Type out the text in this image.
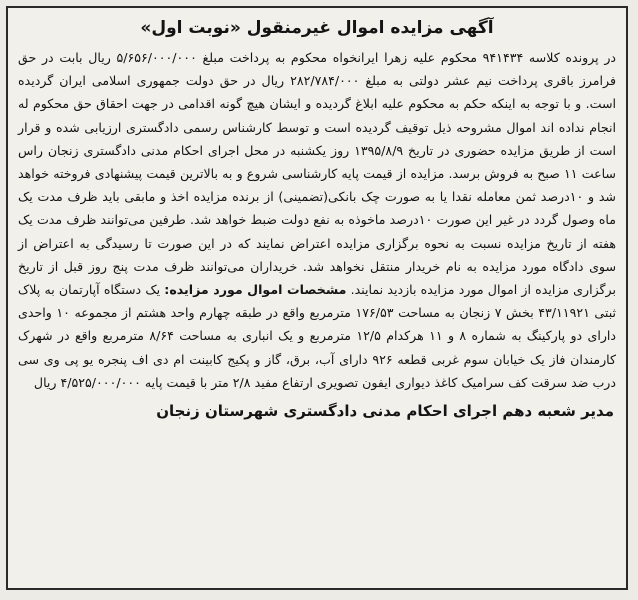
آگهی مزایده اموال غیرمنقول «نوبت اول»
در پرونده کلاسه ۹۴۱۴۳۴ محکوم علیه زهرا ایرانخواه محکوم به پرداخت مبلغ ۵/۶۵۶/۰۰۰/۰۰۰ ریال بابت در حق فرامرز باقری پرداخت نیم عشر دولتی به مبلغ ۲۸۲/۷۸۴/۰۰۰ ریال در حق دولت جمهوری اسلامی ایران گردیده است. و با توجه به اینکه حکم به محکوم علیه ابلاغ گردیده و ایشان هیچ گونه اقدامی در جهت احقاق حق محکوم له انجام نداده اند اموال مشروحه ذیل توقیف گردیده است و توسط کارشناس رسمی دادگستری ارزیابی شده و قرار است از طریق مزایده حضوری در تاریخ ۱۳۹۵/۸/۹ روز یکشنبه در محل اجرای احکام مدنی دادگستری زنجان راس ساعت ۱۱ صبح به فروش برسد. مزایده از قیمت پایه کارشناسی شروع و به بالاترین قیمت پیشنهادی فروخته خواهد شد و ۱۰درصد ثمن معامله نقدا یا به صورت چک بانکی(تضمینی) از برنده مزایده اخذ و مابقی باید ظرف مدت یک ماه وصول گردد در غیر این صورت ۱۰درصد ماخوذه به نفع دولت ضبط خواهد شد. طرفین می‌توانند ظرف مدت یک هفته از تاریخ مزایده نسبت به نحوه برگزاری مزایده اعتراض نمایند که در این صورت تا رسیدگی به اعتراض از سوی دادگاه مورد مزایده به نام خریدار منتقل نخواهد شد. خریداران می‌توانند ظرف مدت پنج روز قبل از تاریخ برگزاری مزایده از اموال مورد مزایده بازدید نمایند. مشخصات اموال مورد مزایده: یک دستگاه آپارتمان به پلاک ثبتی ۴۳/۱۱۹۲۱ بخش ۷ زنجان به مساحت ۱۷۶/۵۳ مترمربع واقع در طبقه چهارم واحد هشتم از مجموعه ۱۰ واحدی دارای دو پارکینگ به شماره ۸ و ۱۱ هرکدام ۱۲/۵ مترمربع و یک انباری به مساحت ۸/۶۴ مترمربع واقع در شهرک کارمندان فاز یک خیابان سوم غربی قطعه ۹۲۶ دارای آب، برق، گاز و پکیج کابینت ام دی اف پنجره یو پی وی سی درب ضد سرقت کف سرامیک کاغذ دیواری ایفون تصویری ارتفاع مفید ۲/۸ متر با قیمت پایه ۴/۵۲۵/۰۰۰/۰۰۰ ریال
مدیر شعبه دهم اجرای احکام مدنی دادگستری شهرستان زنجان
